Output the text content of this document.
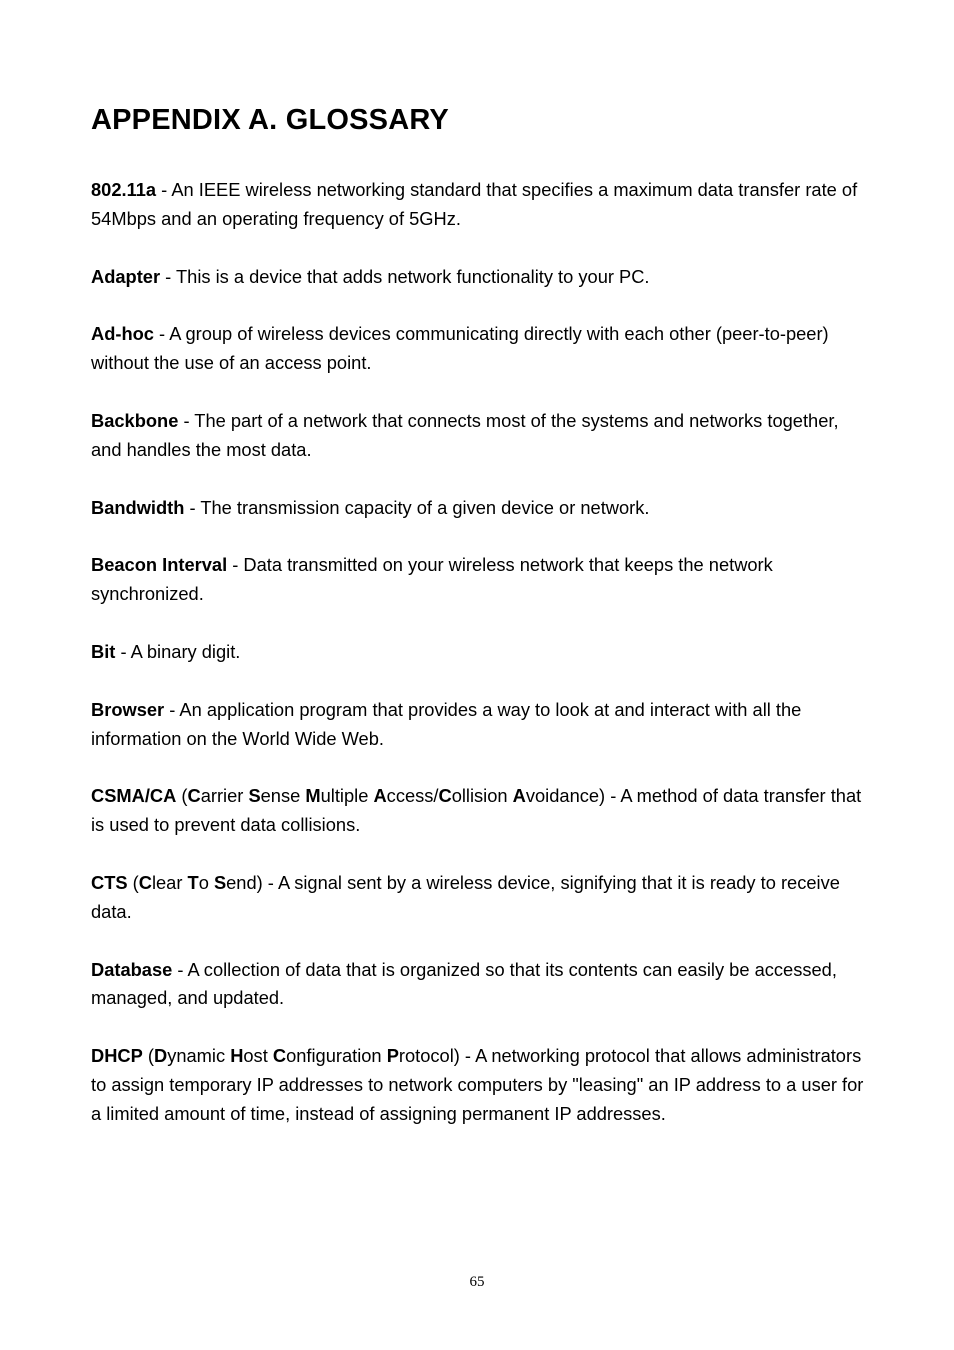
APPENDIX A. GLOSSARY

802.11a - An IEEE wireless networking standard that specifies a maximum data transfer rate of 54Mbps and an operating frequency of 5GHz.

Adapter - This is a device that adds network functionality to your PC.

Ad-hoc - A group of wireless devices communicating directly with each other (peer-to-peer) without the use of an access point.

Backbone - The part of a network that connects most of the systems and networks together, and handles the most data.

Bandwidth - The transmission capacity of a given device or network.

Beacon Interval - Data transmitted on your wireless network that keeps the network synchronized.

Bit - A binary digit.

Browser - An application program that provides a way to look at and interact with all the information on the World Wide Web.

CSMA/CA (Carrier Sense Multiple Access/Collision Avoidance) - A method of data transfer that is used to prevent data collisions.

CTS (Clear To Send) - A signal sent by a wireless device, signifying that it is ready to receive data.

Database - A collection of data that is organized so that its contents can easily be accessed, managed, and updated.

DHCP (Dynamic Host Configuration Protocol) - A networking protocol that allows administrators to assign temporary IP addresses to network computers by "leasing" an IP address to a user for a limited amount of time, instead of assigning permanent IP addresses.

65
